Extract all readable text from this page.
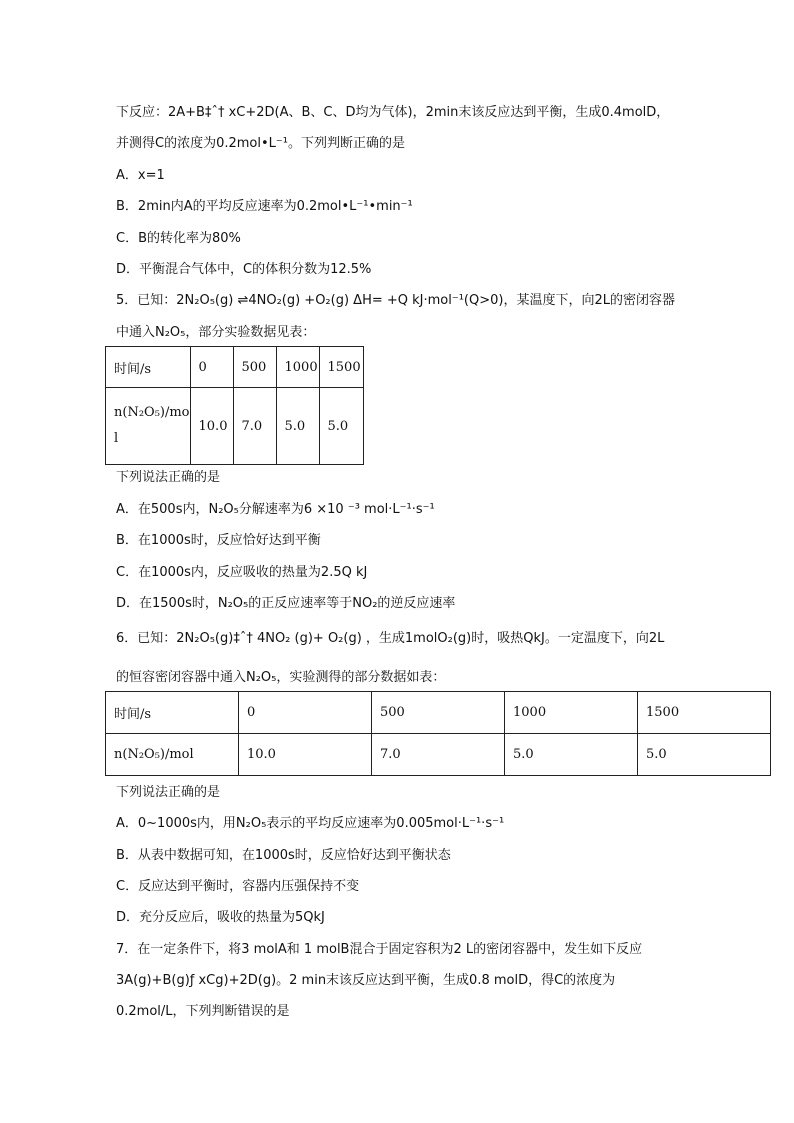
下反应：2A+B‡ˆ† xC+2D(A、B、C、D均为气体)，2min末该反应达到平衡，生成0.4molD，
并测得C的浓度为0.2mol•L⁻¹。下列判断正确的是
A．x=1
B．2min内A的平均反应速率为0.2mol•L⁻¹•min⁻¹
C．B的转化率为80%
D．平衡混合气体中，C的体积分数为12.5%
5．已知：2N₂O₅(g) ⇌4NO₂(g) +O₂(g) ΔH= +Q kJ·mol⁻¹(Q>0)，某温度下，向2L的密闭容器
中通入N₂O₅，部分实验数据见表：
时间/s	0	500	1000	1500

n(N₂O₅)/mo
l	10.0	7.0	5.0	5.0
下列说法正确的是
A．在500s内，N₂O₅分解速率为6 ×10 ⁻³ mol·L⁻¹·s⁻¹
B．在1000s时，反应恰好达到平衡
C．在1000s内，反应吸收的热量为2.5Q kJ
D．在1500s时，N₂O₅的正反应速率等于NO₂的逆反应速率
6．已知：2N₂O₅(g)‡ˆ† 4NO₂ (g)+ O₂(g) ，生成1molO₂(g)时，吸热QkJ。一定温度下，向2L
的恒容密闭容器中通入N₂O₅，实验测得的部分数据如表：
时间/s	0	500	1000	1500
n(N₂O₅)/mol	10.0	7.0	5.0	5.0
下列说法正确的是
A．0~1000s内，用N₂O₅表示的平均反应速率为0.005mol·L⁻¹·s⁻¹
B．从表中数据可知，在1000s时，反应恰好达到平衡状态
C．反应达到平衡时，容器内压强保持不变
D．充分反应后，吸收的热量为5QkJ
7．在一定条件下，将3 molA和 1 molB混合于固定容积为2 L的密闭容器中，发生如下反应
3A(g)+B(g)ƒ xCg)+2D(g)。2 min末该反应达到平衡，生成0.8 molD，得C的浓度为
0.2mol/L，下列判断错误的是
